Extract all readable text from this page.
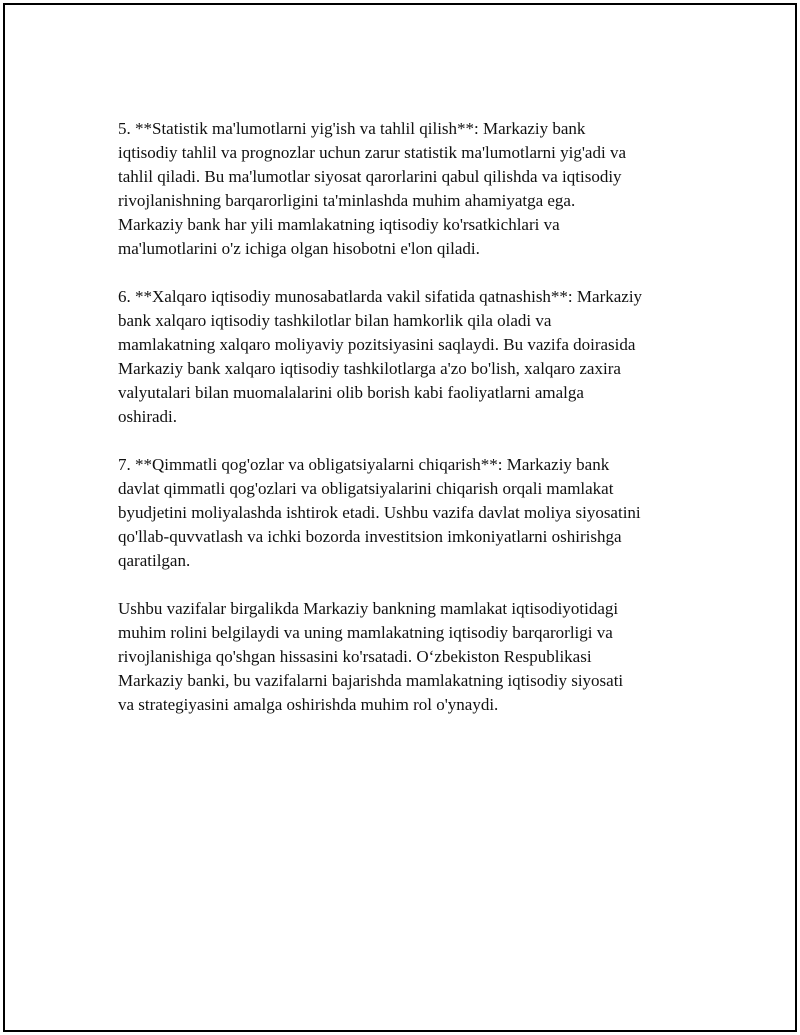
5. **Statistik ma'lumotlarni yig'ish va tahlil qilish**: Markaziy bank
iqtisodiy tahlil va prognozlar uchun zarur statistik ma'lumotlarni yig'adi va
tahlil qiladi. Bu ma'lumotlar siyosat qarorlarini qabul qilishda va iqtisodiy
rivojlanishning barqarorligini ta'minlashda muhim ahamiyatga ega.
Markaziy bank har yili mamlakatning iqtisodiy ko'rsatkichlari va
ma'lumotlarini o'z ichiga olgan hisobotni e'lon qiladi.
6. **Xalqaro iqtisodiy munosabatlarda vakil sifatida qatnashish**: Markaziy
bank xalqaro iqtisodiy tashkilotlar bilan hamkorlik qila oladi va
mamlakatning xalqaro moliyaviy pozitsiyasini saqlaydi. Bu vazifa doirasida
Markaziy bank xalqaro iqtisodiy tashkilotlarga a'zo bo'lish, xalqaro zaxira
valyutalari bilan muomalalarini olib borish kabi faoliyatlarni amalga
oshiradi.
7. **Qimmatli qog'ozlar va obligatsiyalarni chiqarish**: Markaziy bank
davlat qimmatli qog'ozlari va obligatsiyalarini chiqarish orqali mamlakat
byudjetini moliyalashda ishtirok etadi. Ushbu vazifa davlat moliya siyosatini
qo'llab-quvvatlash va ichki bozorda investitsion imkoniyatlarni oshirishga
qaratilgan.
Ushbu vazifalar birgalikda Markaziy bankning mamlakat iqtisodiyotidagi
muhim rolini belgilaydi va uning mamlakatning iqtisodiy barqarorligi va
rivojlanishiga qo'shgan hissasini ko'rsatadi. O‘zbekiston Respublikasi
Markaziy banki, bu vazifalarni bajarishda mamlakatning iqtisodiy siyosati
va strategiyasini amalga oshirishda muhim rol o'ynaydi.
